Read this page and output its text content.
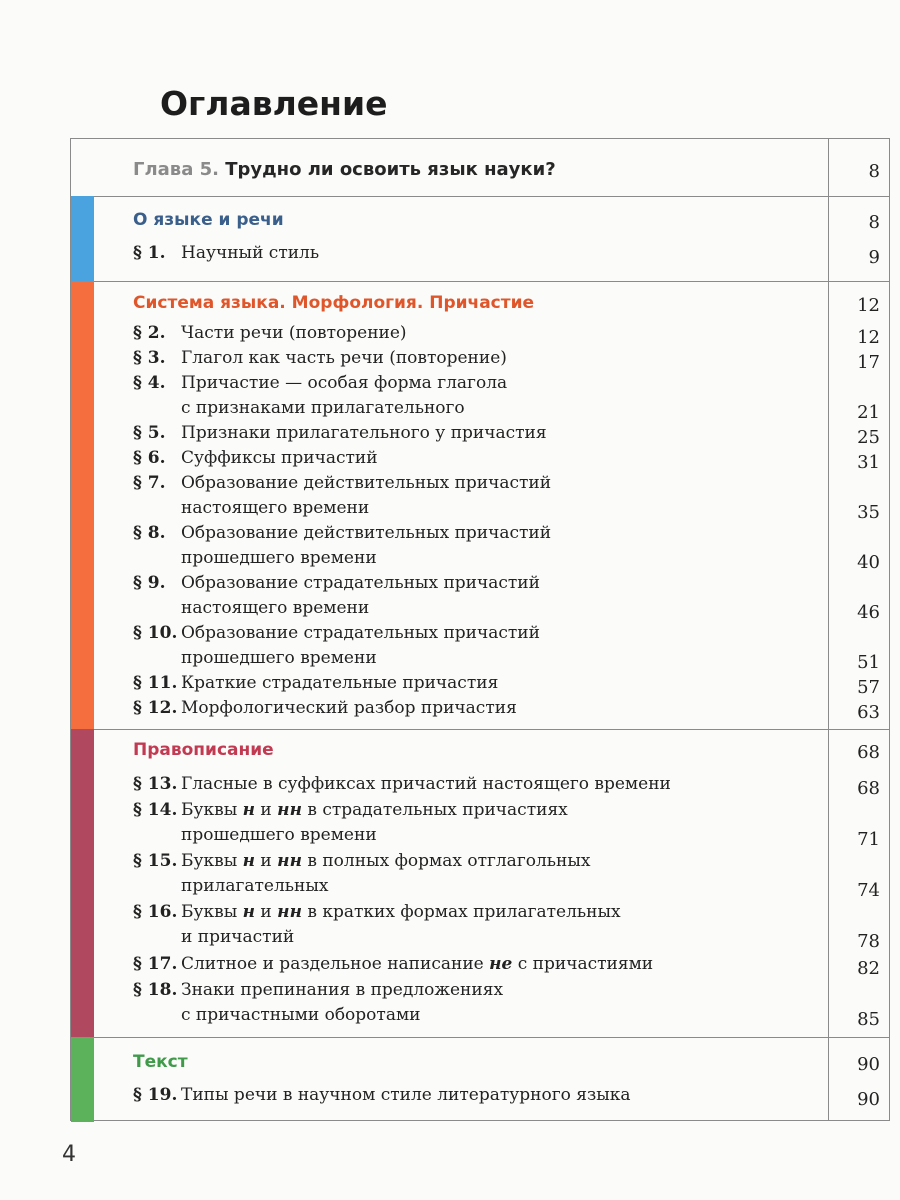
Оглавление
Глава 5. Трудно ли освоить язык науки?	8
О языке и речи	8
§ 1. Научный стиль	9
Система языка. Морфология. Причастие	12
§ 2. Части речи (повторение)	12
§ 3. Глагол как часть речи (повторение)	17
§ 4. Причастие — особая форма глагола
с признаками прилагательного	21
§ 5. Признаки прилагательного у причастия	25
§ 6. Суффиксы причастий	31
§ 7. Образование действительных причастий
настоящего времени	35
§ 8. Образование действительных причастий
прошедшего времени	40
§ 9. Образование страдательных причастий
настоящего времени	46
§ 10. Образование страдательных причастий
прошедшего времени	51
§ 11. Краткие страдательные причастия	57
§ 12. Морфологический разбор причастия	63
Правописание	68
§ 13. Гласные в суффиксах причастий настоящего времени	68
§ 14. Буквы н и нн в страдательных причастиях
прошедшего времени	71
§ 15. Буквы н и нн в полных формах отглагольных
прилагательных	74
§ 16. Буквы н и нн в кратких формах прилагательных
и причастий	78
§ 17. Слитное и раздельное написание не с причастиями	82
§ 18. Знаки препинания в предложениях
с причастными оборотами	85
Текст	90
§ 19. Типы речи в научном стиле литературного языка	90
4
